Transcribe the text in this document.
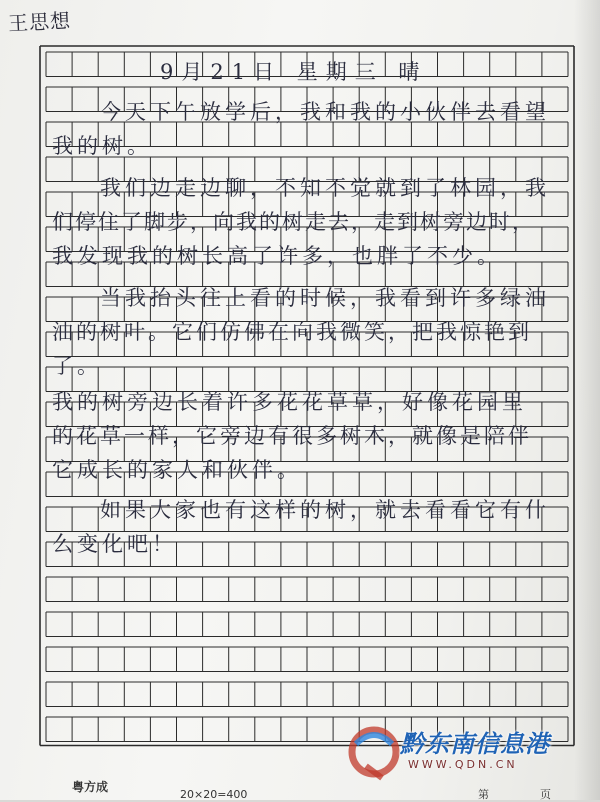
王思想
9月21日 星期三 晴
今天下午放学后，我和我的小伙伴去看望
我的树。
我们边走边聊，不知不觉就到了林园，我
们停住了脚步，向我的树走去，走到树旁边时，
我发现我的树长高了许多，也胖了不少。
当我抬头往上看的时候，我看到许多绿油
油的树叶。它们仿佛在向我微笑，把我惊艳到
了。
我的树旁边长着许多花花草草，好像花园里
的花草一样，它旁边有很多树木，就像是陪伴
它成长的家人和伙伴。
如果大家也有这样的树，就去看看它有什
么变化吧！
黔东南信息港
WWW.QDN.CN
粤方成
20×20=400	第	页
